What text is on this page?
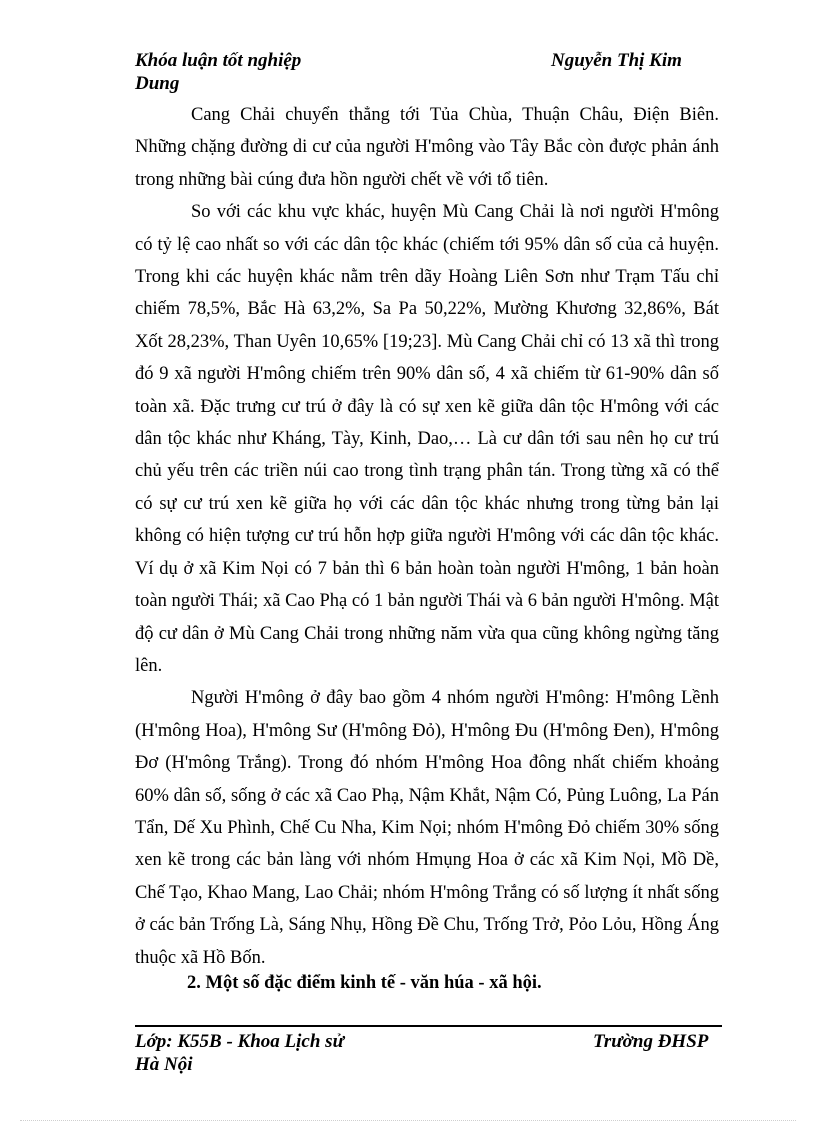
Khóa luận tốt nghiệp
Dung
Nguyễn Thị Kim

Cang Chải chuyển thẳng tới Tủa Chùa, Thuận Châu, Điện Biên. Những chặng đường di cư của người H'mông vào Tây Bắc còn được phản ánh trong những bài cúng đưa hồn người chết về với tổ tiên.

So với các khu vực khác, huyện Mù Cang Chải là nơi người H'mông có tỷ lệ cao nhất so với các dân tộc khác (chiếm tới 95% dân số của cả huyện. Trong khi các huyện khác nằm trên dãy Hoàng Liên Sơn như Trạm Tấu chỉ chiếm 78,5%, Bắc Hà 63,2%, Sa Pa 50,22%, Mường Khương 32,86%, Bát Xốt 28,23%, Than Uyên 10,65% [19;23]. Mù Cang Chải chỉ có 13 xã thì trong đó 9 xã người H'mông chiếm trên 90% dân số, 4 xã chiếm từ 61-90% dân số toàn xã. Đặc trưng cư trú ở đây là có sự xen kẽ giữa dân tộc H'mông với các dân tộc khác như Kháng, Tày, Kinh, Dao,… Là cư dân tới sau nên họ cư trú chủ yếu trên các triền núi cao trong tình trạng phân tán. Trong từng xã có thể có sự cư trú xen kẽ giữa họ với các dân tộc khác nhưng trong từng bản lại không có hiện tượng cư trú hỗn hợp giữa người H'mông với các dân tộc khác. Ví dụ ở xã Kim Nọi có 7 bản thì 6 bản hoàn toàn người H'mông, 1 bản hoàn toàn người Thái; xã Cao Phạ có 1 bản người Thái và 6 bản người H'mông. Mật độ cư dân ở Mù Cang Chải trong những năm vừa qua cũng không ngừng tăng lên.

Người H'mông ở đây bao gồm 4 nhóm người H'mông: H'mông Lềnh (H'mông Hoa), H'mông Sư (H'mông Đỏ), H'mông Đu (H'mông Đen), H'mông Đơ (H'mông Trắng). Trong đó nhóm H'mông Hoa đông nhất chiếm khoảng 60% dân số, sống ở các xã Cao Phạ, Nậm Khắt, Nậm Có, Pủng Luông, La Pán Tẩn, Dế Xu Phình, Chế Cu Nha, Kim Nọi; nhóm H'mông Đỏ chiếm 30% sống xen kẽ trong các bản làng với nhóm Hmụng Hoa ở các xã Kim Nọi, Mồ Dề, Chế Tạo, Khao Mang, Lao Chải; nhóm H'mông Trắng có số lượng ít nhất sống ở các bản Trống Là, Sáng Nhụ, Hồng Đề Chu, Trống Trở, Pỏo Lỏu, Hồng Áng thuộc xã Hồ Bốn.

2. Một số đặc điểm kinh tế - văn húa - xã hội.
Lớp: K55B - Khoa Lịch sử
Hà Nội
Trường ĐHSP
